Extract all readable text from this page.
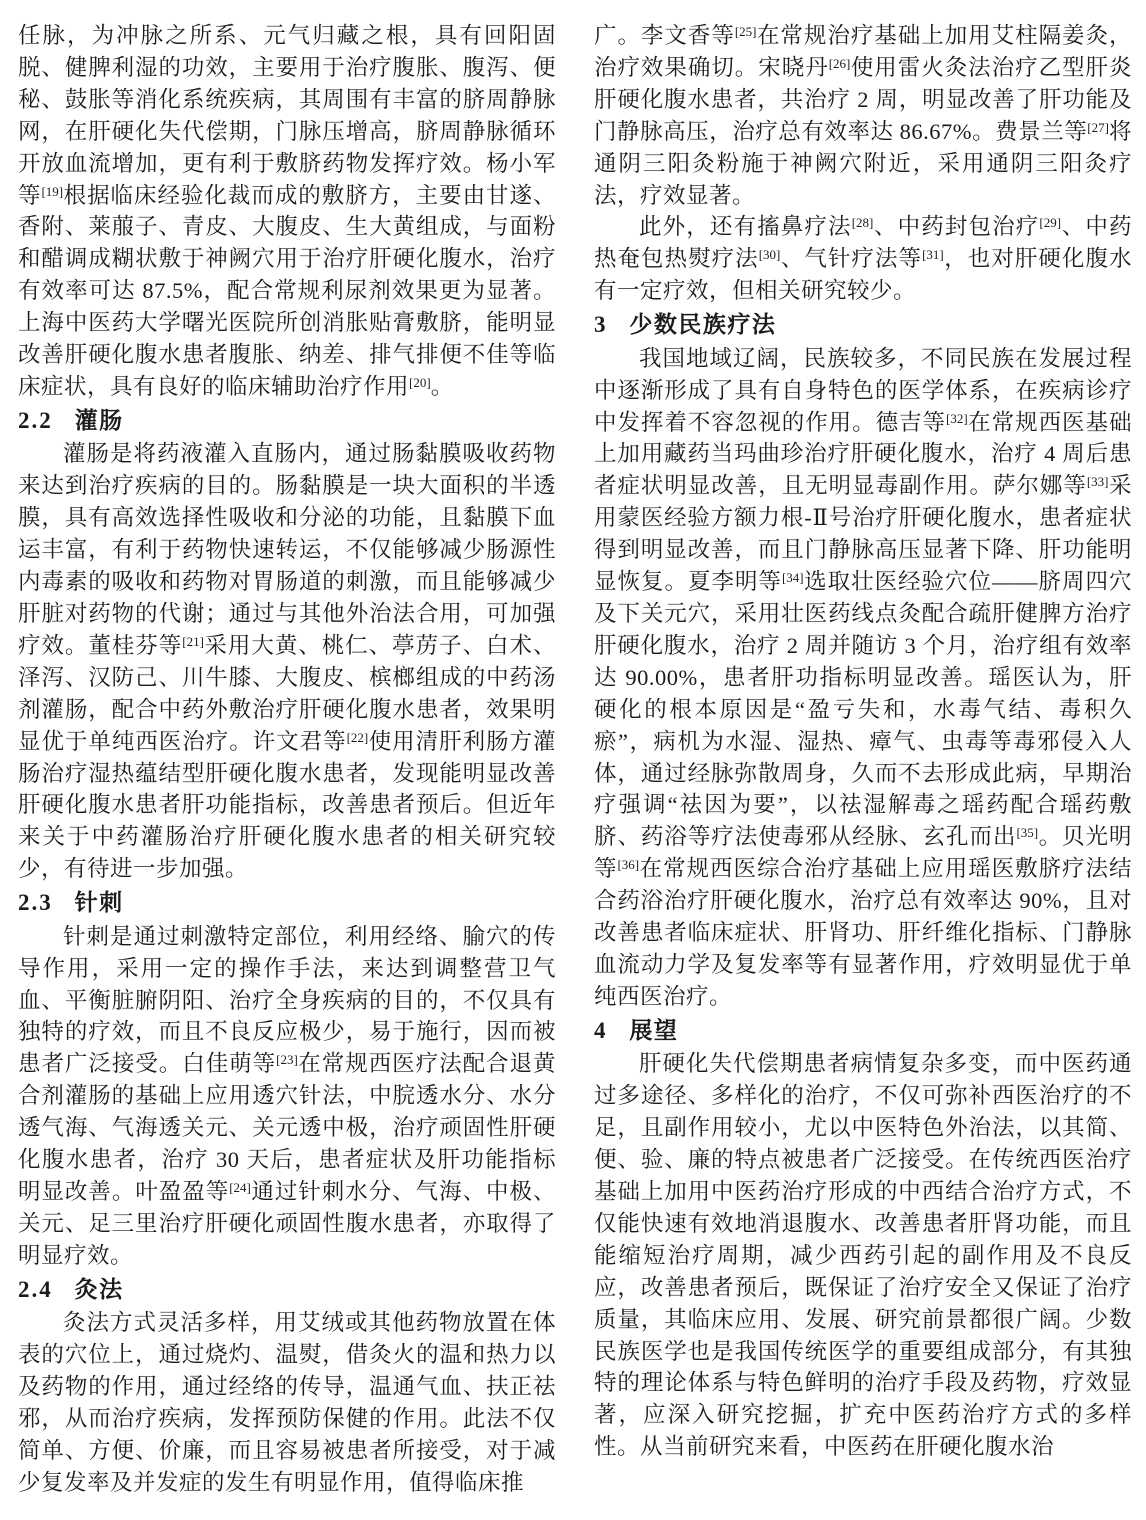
任脉，为冲脉之所系、元气归藏之根，具有回阳固脱、健脾利湿的功效，主要用于治疗腹胀、腹泻、便秘、鼓胀等消化系统疾病，其周围有丰富的脐周静脉网，在肝硬化失代偿期，门脉压增高，脐周静脉循环开放血流增加，更有利于敷脐药物发挥疗效。杨小军等[19]根据临床经验化裁而成的敷脐方，主要由甘遂、香附、莱菔子、青皮、大腹皮、生大黄组成，与面粉和醋调成糊状敷于神阙穴用于治疗肝硬化腹水，治疗有效率可达 87.5%，配合常规利尿剂效果更为显著。上海中医药大学曙光医院所创消胀贴膏敷脐，能明显改善肝硬化腹水患者腹胀、纳差、排气排便不佳等临床症状，具有良好的临床辅助治疗作用[20]。

2.2 灌肠

灌肠是将药液灌入直肠内，通过肠黏膜吸收药物来达到治疗疾病的目的。肠黏膜是一块大面积的半透膜，具有高效选择性吸收和分泌的功能，且黏膜下血运丰富，有利于药物快速转运，不仅能够减少肠源性内毒素的吸收和药物对胃肠道的刺激，而且能够减少肝脏对药物的代谢；通过与其他外治法合用，可加强疗效。董桂芬等[21]采用大黄、桃仁、葶苈子、白术、泽泻、汉防己、川牛膝、大腹皮、槟榔组成的中药汤剂灌肠，配合中药外敷治疗肝硬化腹水患者，效果明显优于单纯西医治疗。许文君等[22]使用清肝利肠方灌肠治疗湿热蕴结型肝硬化腹水患者，发现能明显改善肝硬化腹水患者肝功能指标，改善患者预后。但近年来关于中药灌肠治疗肝硬化腹水患者的相关研究较少，有待进一步加强。

2.3 针刺

针刺是通过刺激特定部位，利用经络、腧穴的传导作用，采用一定的操作手法，来达到调整营卫气血、平衡脏腑阴阳、治疗全身疾病的目的，不仅具有独特的疗效，而且不良反应极少，易于施行，因而被患者广泛接受。白佳萌等[23]在常规西医疗法配合退黄合剂灌肠的基础上应用透穴针法，中脘透水分、水分透气海、气海透关元、关元透中极，治疗顽固性肝硬化腹水患者，治疗 30 天后，患者症状及肝功能指标明显改善。叶盈盈等[24]通过针刺水分、气海、中极、关元、足三里治疗肝硬化顽固性腹水患者，亦取得了明显疗效。

2.4 灸法

灸法方式灵活多样，用艾绒或其他药物放置在体表的穴位上，通过烧灼、温熨，借灸火的温和热力以及药物的作用，通过经络的传导，温通气血、扶正祛邪，从而治疗疾病，发挥预防保健的作用。此法不仅简单、方便、价廉，而且容易被患者所接受，对于减少复发率及并发症的发生有明显作用，值得临床推

广。李文香等[25]在常规治疗基础上加用艾柱隔姜灸，治疗效果确切。宋晓丹[26]使用雷火灸法治疗乙型肝炎肝硬化腹水患者，共治疗 2 周，明显改善了肝功能及门静脉高压，治疗总有效率达 86.67%。费景兰等[27]将通阴三阳灸粉施于神阙穴附近，采用通阴三阳灸疗法，疗效显著。

此外，还有搐鼻疗法[28]、中药封包治疗[29]、中药热奄包热熨疗法[30]、气针疗法等[31]，也对肝硬化腹水有一定疗效，但相关研究较少。

3 少数民族疗法

我国地域辽阔，民族较多，不同民族在发展过程中逐渐形成了具有自身特色的医学体系，在疾病诊疗中发挥着不容忽视的作用。德吉等[32]在常规西医基础上加用藏药当玛曲珍治疗肝硬化腹水，治疗 4 周后患者症状明显改善，且无明显毒副作用。萨尔娜等[33]采用蒙医经验方额力根-Ⅱ号治疗肝硬化腹水，患者症状得到明显改善，而且门静脉高压显著下降、肝功能明显恢复。夏李明等[34]选取壮医经验穴位——脐周四穴及下关元穴，采用壮医药线点灸配合疏肝健脾方治疗肝硬化腹水，治疗 2 周并随访 3 个月，治疗组有效率达 90.00%，患者肝功指标明显改善。瑶医认为，肝硬化的根本原因是“盈亏失和，水毒气结、毒积久瘀”，病机为水湿、湿热、瘴气、虫毒等毒邪侵入人体，通过经脉弥散周身，久而不去形成此病，早期治疗强调“祛因为要”，以祛湿解毒之瑶药配合瑶药敷脐、药浴等疗法使毒邪从经脉、玄孔而出[35]。贝光明等[36]在常规西医综合治疗基础上应用瑶医敷脐疗法结合药浴治疗肝硬化腹水，治疗总有效率达 90%，且对改善患者临床症状、肝肾功、肝纤维化指标、门静脉血流动力学及复发率等有显著作用，疗效明显优于单纯西医治疗。

4 展望

肝硬化失代偿期患者病情复杂多变，而中医药通过多途径、多样化的治疗，不仅可弥补西医治疗的不足，且副作用较小，尤以中医特色外治法，以其简、便、验、廉的特点被患者广泛接受。在传统西医治疗基础上加用中医药治疗形成的中西结合治疗方式，不仅能快速有效地消退腹水、改善患者肝肾功能，而且能缩短治疗周期，减少西药引起的副作用及不良反应，改善患者预后，既保证了治疗安全又保证了治疗质量，其临床应用、发展、研究前景都很广阔。少数民族医学也是我国传统医学的重要组成部分，有其独特的理论体系与特色鲜明的治疗手段及药物，疗效显著，应深入研究挖掘，扩充中医药治疗方式的多样性。从当前研究来看，中医药在肝硬化腹水治
